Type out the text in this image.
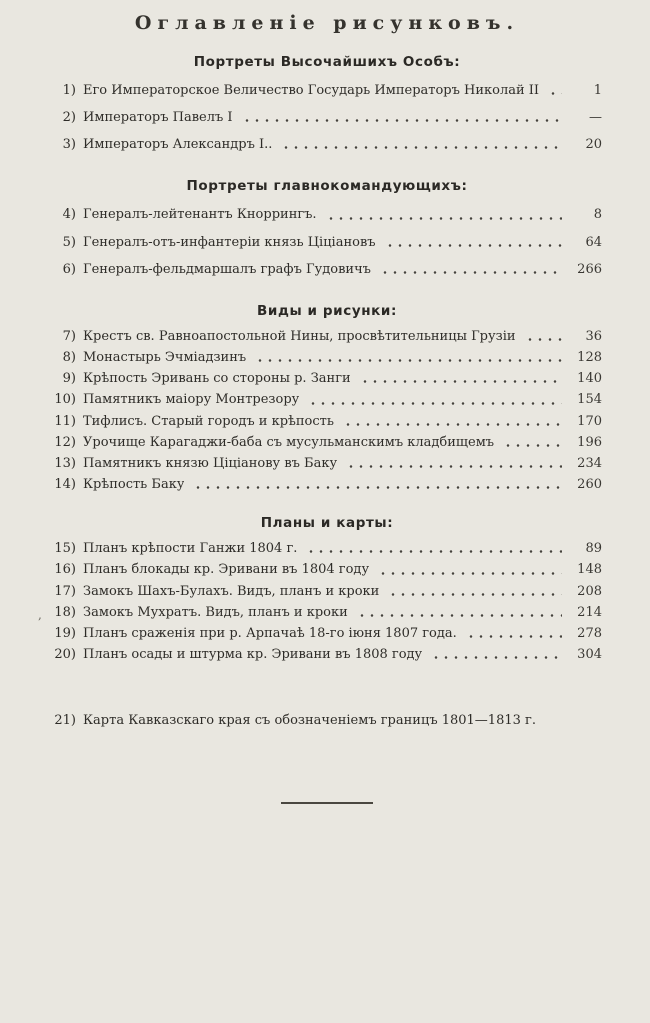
Оглавленіе рисунковъ.
Портреты Высочайшихъ Особъ:
1) Его Императорское Величество Государь Императоръ Николай II	1
2) Императоръ Павелъ I	—
3) Императоръ Александръ I..	20
Портреты главнокомандующихъ:
4) Генералъ-лейтенантъ Кноррингъ.	8
5) Генералъ-отъ-инфантеріи князь Ціціановъ	64
6) Генералъ-фельдмаршалъ графъ Гудовичъ	266
Виды и рисунки:
7) Крестъ св. Равноапостольной Нины, просвѣтительницы Грузіи	36
8) Монастырь Эчміадзинъ	128
9) Крѣпость Эривань со стороны р. Занги	140
10) Памятникъ маіору Монтрезору	154
11) Тифлисъ. Старый городъ и крѣпость	170
12) Урочище Карагаджи-баба съ мусульманскимъ кладбищемъ	196
13) Памятникъ князю Ціціанову въ Баку	234
14) Крѣпость Баку	260
Планы и карты:
15) Планъ крѣпости Ганжи 1804 г.	89
16) Планъ блокады кр. Эривани въ 1804 году	148
17) Замокъ Шахъ-Булахъ. Видъ, планъ и кроки	208
18) Замокъ Мухратъ. Видъ, планъ и кроки	214
19) Планъ сраженія при р. Арпачаѣ 18-го іюня 1807 года.	278
20) Планъ осады и штурма кр. Эривани въ 1808 году	304
21) Карта Кавказскаго края съ обозначеніемъ границъ 1801—1813 г.
,
